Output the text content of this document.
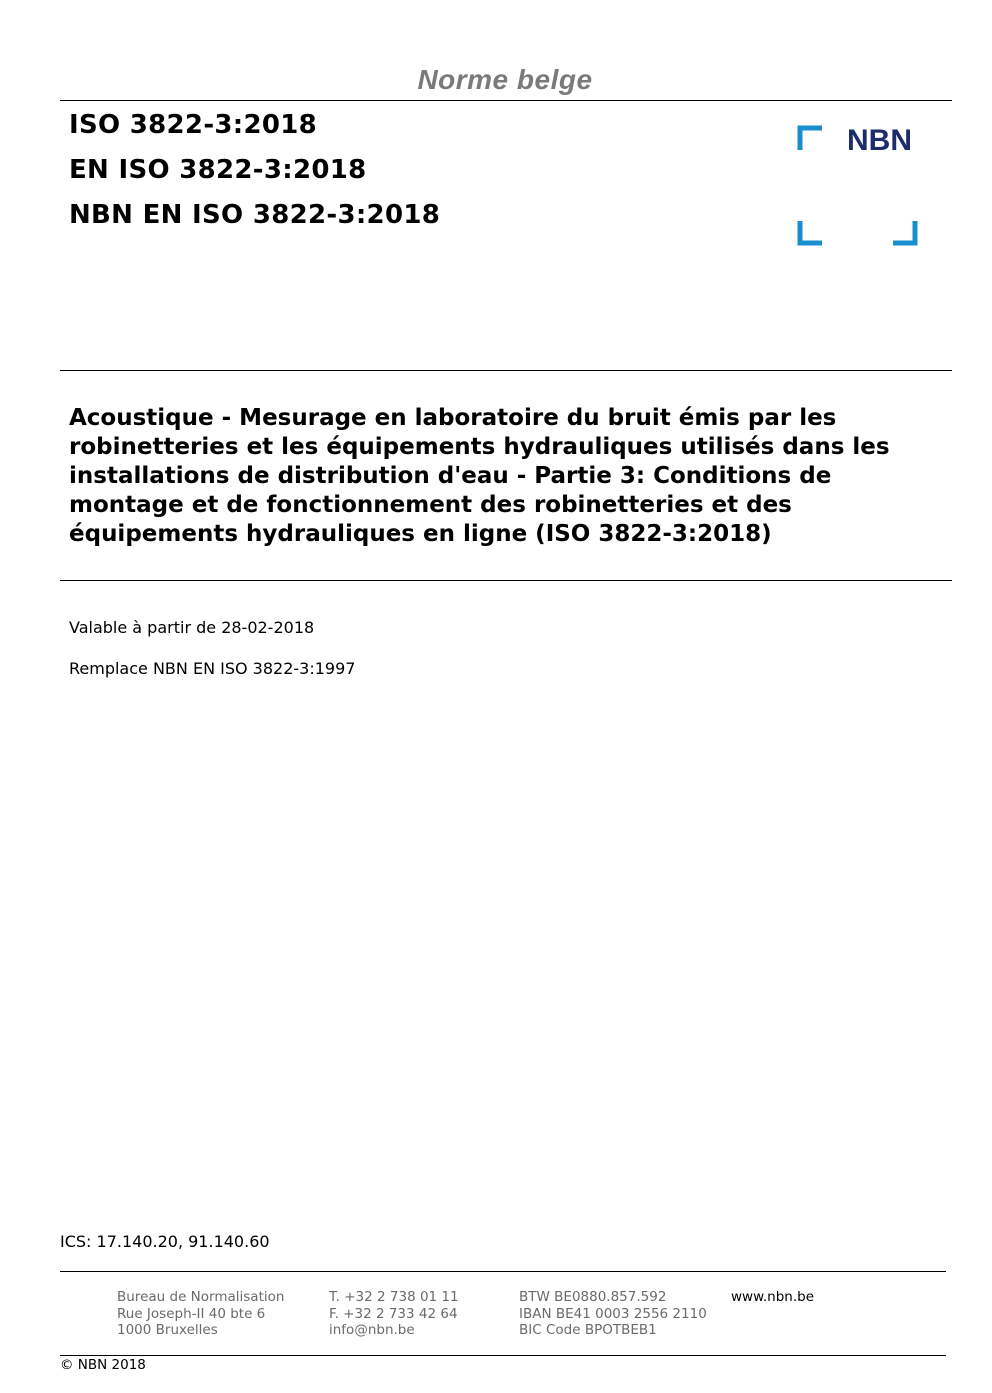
Norme belge
ISO 3822-3:2018
EN ISO 3822-3:2018
NBN EN ISO 3822-3:2018
NBN
Acoustique - Mesurage en laboratoire du bruit émis par les
robinetteries et les équipements hydrauliques utilisés dans les
installations de distribution d'eau - Partie 3: Conditions de
montage et de fonctionnement des robinetteries et des
équipements hydrauliques en ligne (ISO 3822-3:2018)
Valable à partir de 28-02-2018
Remplace NBN EN ISO 3822-3:1997
ICS: 17.140.20, 91.140.60
Bureau de Normalisation
Rue Joseph-II 40 bte 6
1000 Bruxelles
T. +32 2 738 01 11
F. +32 2 733 42 64
info@nbn.be
BTW BE0880.857.592
IBAN BE41 0003 2556 2110
BIC Code BPOTBEB1
www.nbn.be
© NBN 2018
